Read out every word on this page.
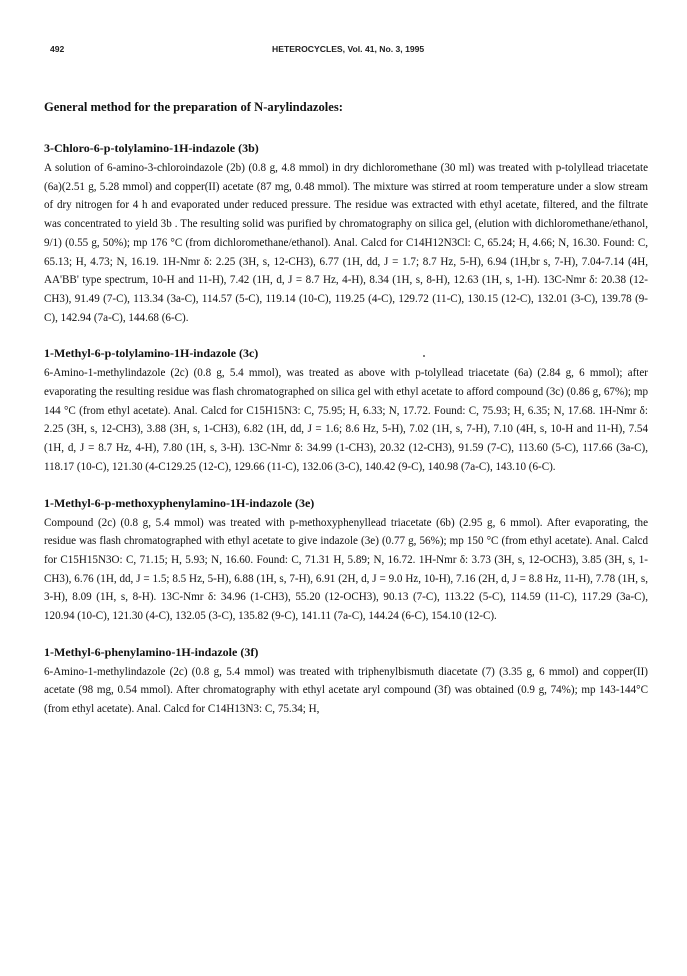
492	HETEROCYCLES, Vol. 41, No. 3, 1995

General method for the preparation of N-arylindazoles:

3-Chloro-6-p-tolylamino-1H-indazole (3b)

A solution of 6-amino-3-chloroindazole (2b) (0.8 g, 4.8 mmol) in dry dichloromethane (30 ml) was treated with p-tolyllead triacetate (6a)(2.51 g, 5.28 mmol) and copper(II) acetate (87 mg, 0.48 mmol). The mixture was stirred at room temperature under a slow stream of dry nitrogen for 4 h and evaporated under reduced pressure. The residue was extracted with ethyl acetate, filtered, and the filtrate was concentrated to yield 3b . The resulting solid was purified by chromatography on silica gel, (elution with dichloromethane/ethanol, 9/1) (0.55 g, 50%); mp 176 °C (from dichloromethane/ethanol). Anal. Calcd for C14H12N3Cl: C, 65.24; H, 4.66; N, 16.30. Found: C, 65.13; H, 4.73; N, 16.19. 1H-Nmr δ: 2.25 (3H, s, 12-CH3), 6.77 (1H, dd, J = 1.7; 8.7 Hz, 5-H), 6.94 (1H,br s, 7-H), 7.04-7.14 (4H, AA'BB' type spectrum, 10-H and 11-H), 7.42 (1H, d, J = 8.7 Hz, 4-H), 8.34 (1H, s, 8-H), 12.63 (1H, s, 1-H). 13C-Nmr δ: 20.38 (12-CH3), 91.49 (7-C), 113.34 (3a-C), 114.57 (5-C), 119.14 (10-C), 119.25 (4-C), 129.72 (11-C), 130.15 (12-C), 132.01 (3-C), 139.78 (9-C), 142.94 (7a-C), 144.68 (6-C).

1-Methyl-6-p-tolylamino-1H-indazole (3c)

6-Amino-1-methylindazole (2c) (0.8 g, 5.4 mmol), was treated as above with p-tolyllead triacetate (6a) (2.84 g, 6 mmol); after evaporating the resulting residue was flash chromatographed on silica gel with ethyl acetate to afford compound (3c) (0.86 g, 67%); mp 144 °C (from ethyl acetate). Anal. Calcd for C15H15N3: C, 75.95; H, 6.33; N, 17.72. Found: C, 75.93; H, 6.35; N, 17.68. 1H-Nmr δ: 2.25 (3H, s, 12-CH3), 3.88 (3H, s, 1-CH3), 6.82 (1H, dd, J = 1.6; 8.6 Hz, 5-H), 7.02 (1H, s, 7-H), 7.10 (4H, s, 10-H and 11-H), 7.54 (1H, d, J = 8.7 Hz, 4-H), 7.80 (1H, s, 3-H). 13C-Nmr δ: 34.99 (1-CH3), 20.32 (12-CH3), 91.59 (7-C), 113.60 (5-C), 117.66 (3a-C), 118.17 (10-C), 121.30 (4-C129.25 (12-C), 129.66 (11-C), 132.06 (3-C), 140.42 (9-C), 140.98 (7a-C), 143.10 (6-C).

1-Methyl-6-p-methoxyphenylamino-1H-indazole (3e)

Compound (2c) (0.8 g, 5.4 mmol) was treated with p-methoxyphenyllead triacetate (6b) (2.95 g, 6 mmol). After evaporating, the residue was flash chromatographed with ethyl acetate to give indazole (3e) (0.77 g, 56%); mp 150 °C (from ethyl acetate). Anal. Calcd for C15H15N3O: C, 71.15; H, 5.93; N, 16.60. Found: C, 71.31 H, 5.89; N, 16.72. 1H-Nmr δ: 3.73 (3H, s, 12-OCH3), 3.85 (3H, s, 1-CH3), 6.76 (1H, dd, J = 1.5; 8.5 Hz, 5-H), 6.88 (1H, s, 7-H), 6.91 (2H, d, J = 9.0 Hz, 10-H), 7.16 (2H, d, J = 8.8 Hz, 11-H), 7.78 (1H, s, 3-H), 8.09 (1H, s, 8-H). 13C-Nmr δ: 34.96 (1-CH3), 55.20 (12-OCH3), 90.13 (7-C), 113.22 (5-C), 114.59 (11-C), 117.29 (3a-C), 120.94 (10-C), 121.30 (4-C), 132.05 (3-C), 135.82 (9-C), 141.11 (7a-C), 144.24 (6-C), 154.10 (12-C).

1-Methyl-6-phenylamino-1H-indazole (3f)

6-Amino-1-methylindazole (2c) (0.8 g, 5.4 mmol) was treated with triphenylbismuth diacetate (7) (3.35 g, 6 mmol) and copper(II) acetate (98 mg, 0.54 mmol). After chromatography with ethyl acetate aryl compound (3f) was obtained (0.9 g, 74%); mp 143-144°C (from ethyl acetate). Anal. Calcd for C14H13N3: C, 75.34; H,
